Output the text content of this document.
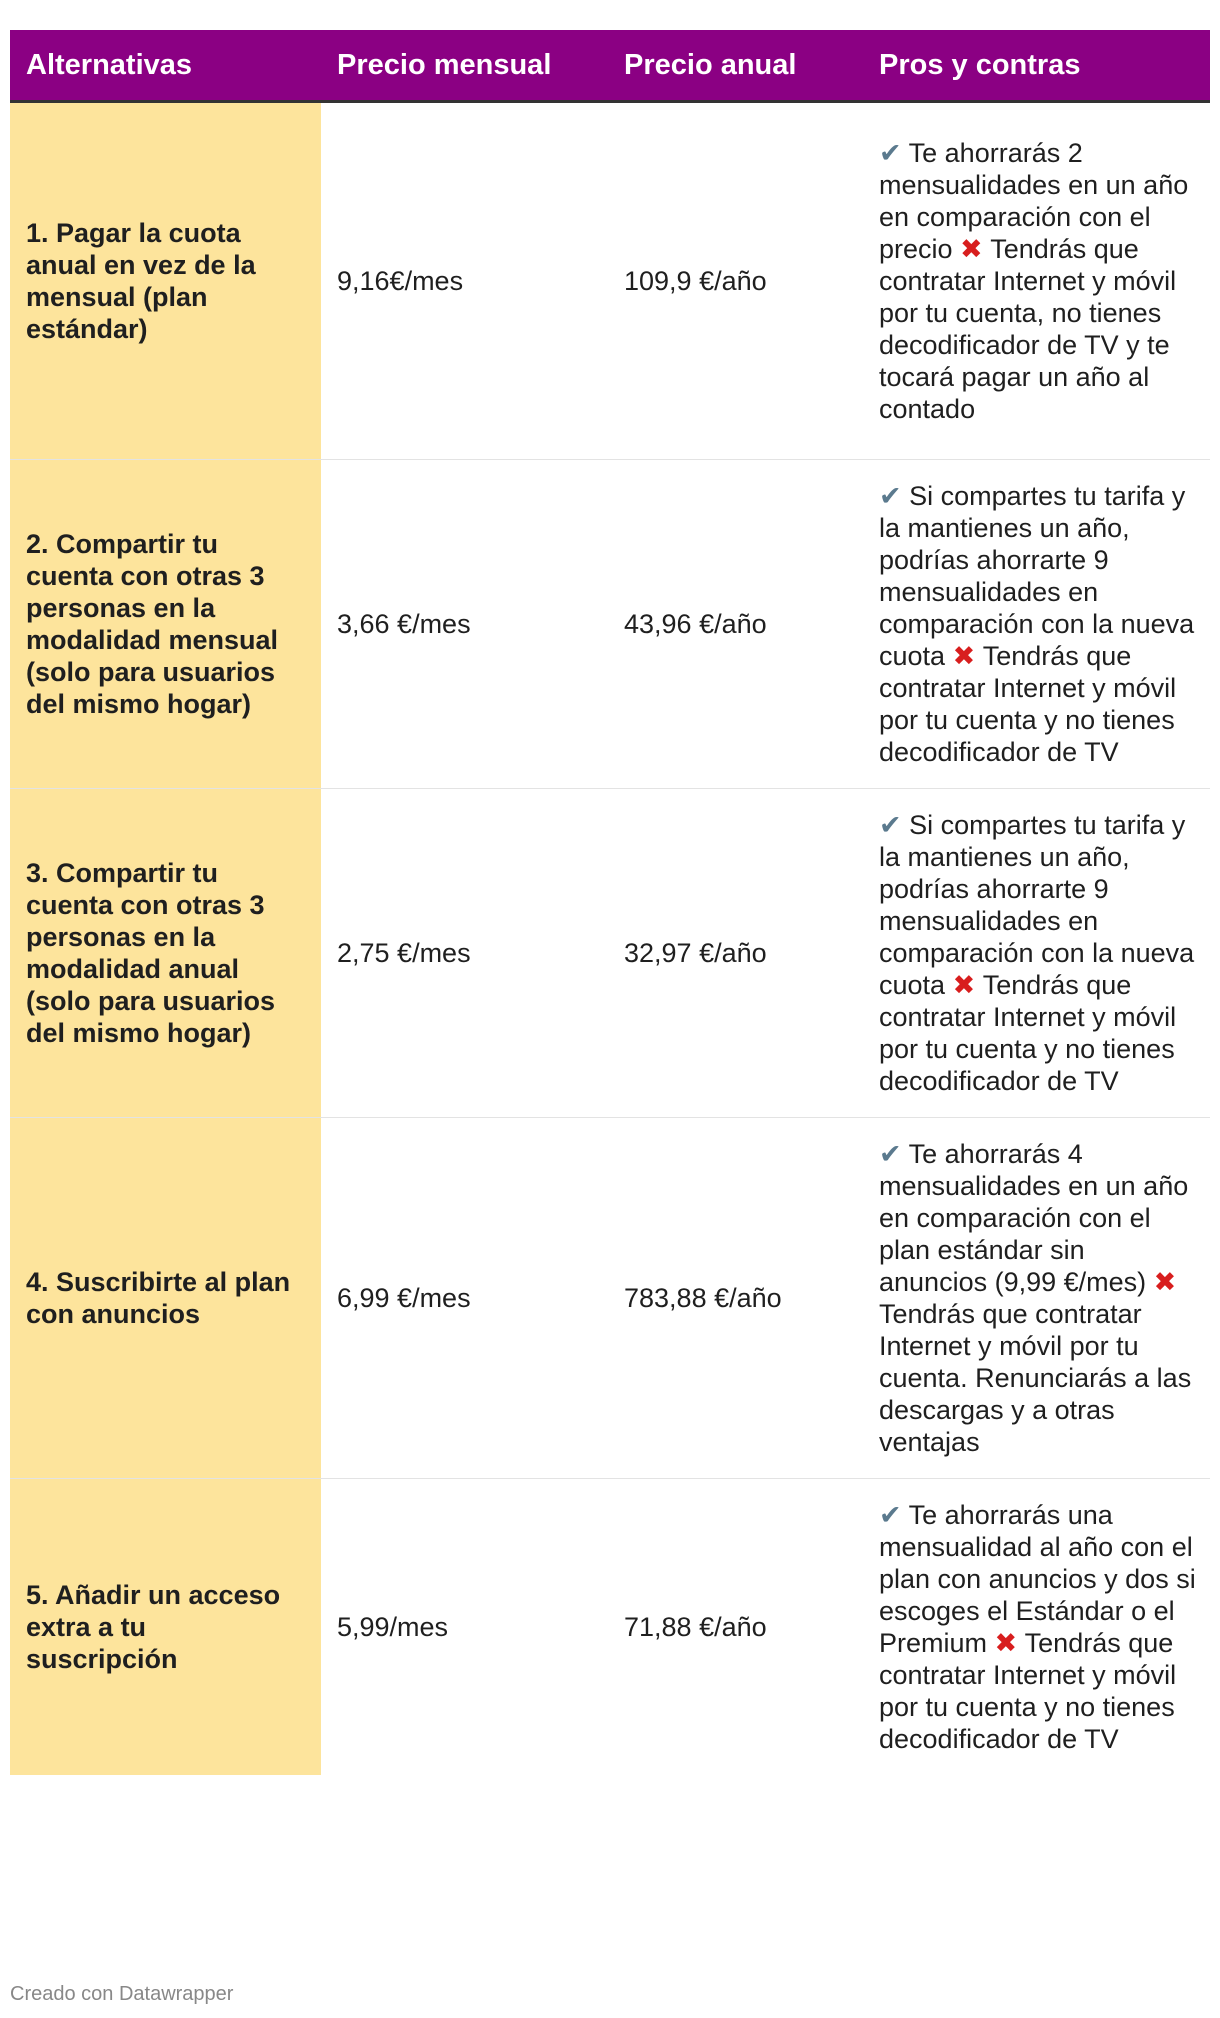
Alternativas	Precio mensual	Precio anual	Pros y contras
1. Pagar la cuota anual en vez de la mensual (plan estándar)	9,16€/mes	109,9 €/año	✔︎ Te ahorrarás 2 mensualidades en un año en comparación con el precio ✖︎ Tendrás que contratar Internet y móvil por tu cuenta, no tienes decodificador de TV y te tocará pagar un año al contado
2. Compartir tu cuenta con otras 3 personas en la modalidad mensual (solo para usuarios del mismo hogar)	3,66 €/mes	43,96 €/año	✔︎ Si compartes tu tarifa y la mantienes un año, podrías ahorrarte 9 mensualidades en comparación con la nueva cuota ✖︎ Tendrás que contratar Internet y móvil por tu cuenta y no tienes decodificador de TV
3. Compartir tu cuenta con otras 3 personas en la modalidad anual (solo para usuarios del mismo hogar)	2,75 €/mes	32,97 €/año	✔︎ Si compartes tu tarifa y la mantienes un año, podrías ahorrarte 9 mensualidades en comparación con la nueva cuota ✖︎ Tendrás que contratar Internet y móvil por tu cuenta y no tienes decodificador de TV
4. Suscribirte al plan con anuncios	6,99 €/mes	783,88 €/año	✔︎ Te ahorrarás 4 mensualidades en un año en comparación con el plan estándar sin anuncios (9,99 €/mes) ✖︎ Tendrás que contratar Internet y móvil por tu cuenta. Renunciarás a las descargas y a otras ventajas
5. Añadir un acceso extra a tu suscripción	5,99/mes	71,88 €/año	✔︎ Te ahorrarás una mensualidad al año con el plan con anuncios y dos si escoges el Estándar o el Premium ✖︎ Tendrás que contratar Internet y móvil por tu cuenta y no tienes decodificador de TV
Creado con Datawrapper
